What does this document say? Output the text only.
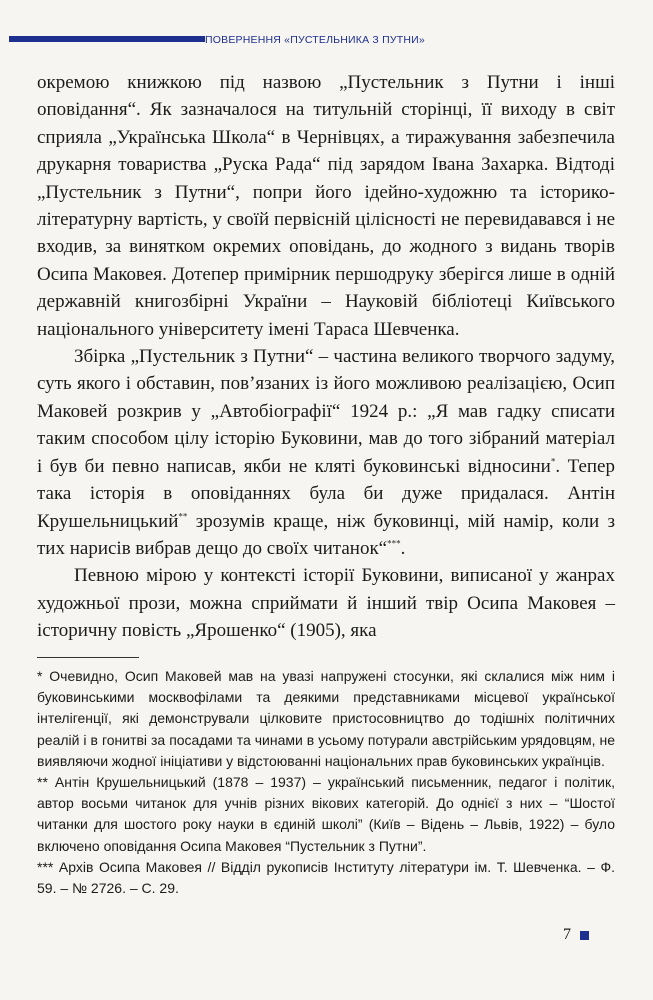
ПОВЕРНЕННЯ «ПУСТЕЛЬНИКА З ПУТНИ»

окремою книжкою під назвою „Пустельник з Путни і інші оповідання“. Як зазначалося на титульній сторінці, її виходу в світ сприяла „Українська Школа“ в Чернівцях, а тиражування забезпечила друкарня товариства „Руска Рада“ під зарядом Івана Захарка. Відтоді „Пустельник з Путни“, попри його ідейно-художню та історико-літературну вартість, у своїй первісній цілісності не перевидавався і не входив, за винятком окремих оповідань, до жодного з видань творів Осипа Маковея. Дотепер примірник першодруку зберігся лише в одній державній книгозбірні України – Науковій бібліотеці Київського національного університету імені Тараса Шевченка.

Збірка „Пустельник з Путни“ – частина великого творчого задуму, суть якого і обставин, пов’язаних із його можливою реалізацією, Осип Маковей розкрив у „Автобіографії“ 1924 р.: „Я мав гадку списати таким способом цілу історію Буковини, мав до того зібраний матеріал і був би певно написав, якби не кляті буковинські відносини*. Тепер така історія в оповіданнях була би дуже придалася. Антін Крушельницький** зрозумів краще, ніж буковинці, мій намір, коли з тих нарисів вибрав дещо до своїх читанок“***.

Певною мірою у контексті історії Буковини, виписаної у жанрах художньої прози, можна сприймати й інший твір Осипа Маковея – історичну повість „Ярошенко“ (1905), яка

* Очевидно, Осип Маковей мав на увазі напружені стосунки, які склалися між ним і буковинськими москвофілами та деякими представниками місцевої української інтелігенції, які демонстрували цілковите пристосовництво до тодішніх політичних реалій і в гонитві за посадами та чинами в усьому потурали австрійським урядовцям, не виявляючи жодної ініціативи у відстоюванні національних прав буковинських українців.

** Антін Крушельницький (1878 – 1937) – український письменник, педагог і політик, автор восьми читанок для учнів різних вікових категорій. До однієї з них – “Шостої читанки для шостого року науки в єдиній школі” (Київ – Відень – Львів, 1922) – було включено оповідання Осипа Маковея “Пустельник з Путни”.

*** Архів Осипа Маковея // Відділ рукописів Інституту літератури ім. Т. Шевченка. – Ф. 59. – № 2726. – С. 29.

7
